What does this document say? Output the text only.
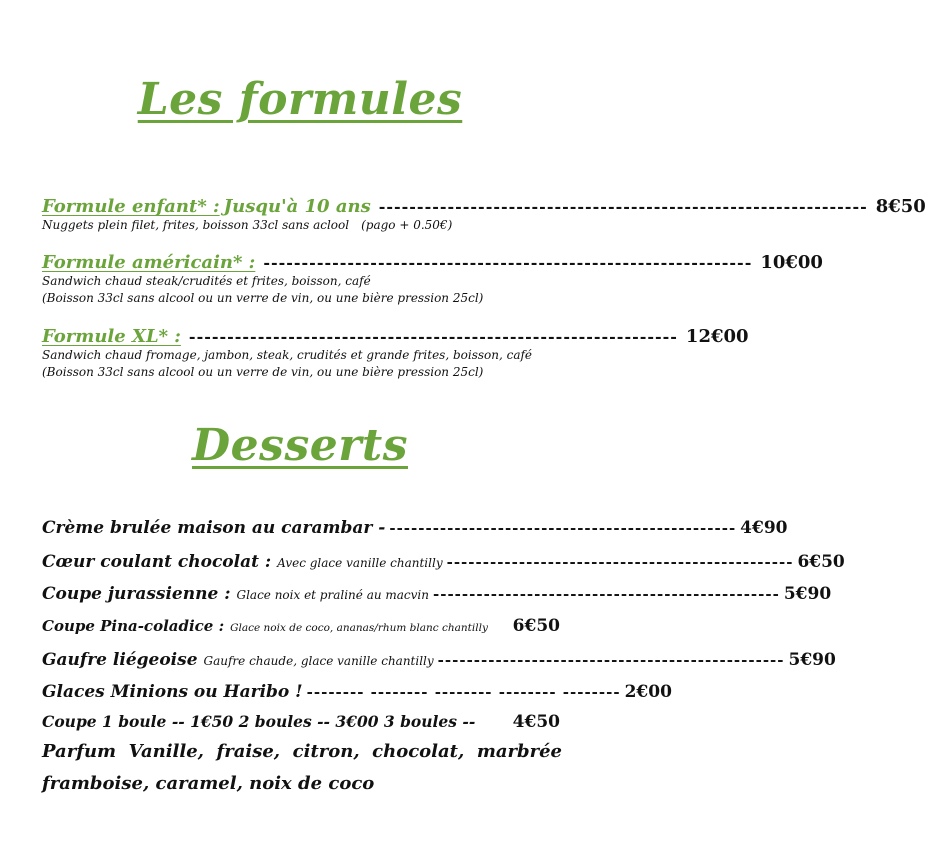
Les formules
Formule enfant* : Jusqu'à 10 ans ---------------------------------------------------------------- 8€50
Nuggets plein filet, frites, boisson 33cl sans aclool (pago + 0.50€)
Formule américain* : ---------------------------------------------------------------- 10€00
Sandwich chaud steak/crudités et frites, boisson, café
(Boisson 33cl sans alcool ou un verre de vin, ou une bière pression 25cl)
Formule XL* : ---------------------------------------------------------------- 12€00
Sandwich chaud fromage, jambon, steak, crudités et grande frites, boisson, café
(Boisson 33cl sans alcool ou un verre de vin, ou une bière pression 25cl)
Desserts
Crème brulée maison au carambar - ------------------------------------------------ 4€90
Cœur coulant chocolat : Avec glace vanille chantilly ------------------------------------------------ 6€50
Coupe jurassienne : Glace noix et praliné au macvin ------------------------------------------------ 5€90
Coupe Pina-coladice : Glace noix de coco, ananas/rhum blanc chantilly 6€50
Gaufre liégeoise Gaufre chaude, glace vanille chantilly ------------------------------------------------ 5€90
Glaces Minions ou Haribo ! -------- -------- -------- -------- -------- 2€00
Coupe 1 boule -- 1€50 2 boules -- 3€00 3 boules -- 4€50
Parfum Vanille, fraise, citron, chocolat, marbrée framboise, caramel, noix de coco
